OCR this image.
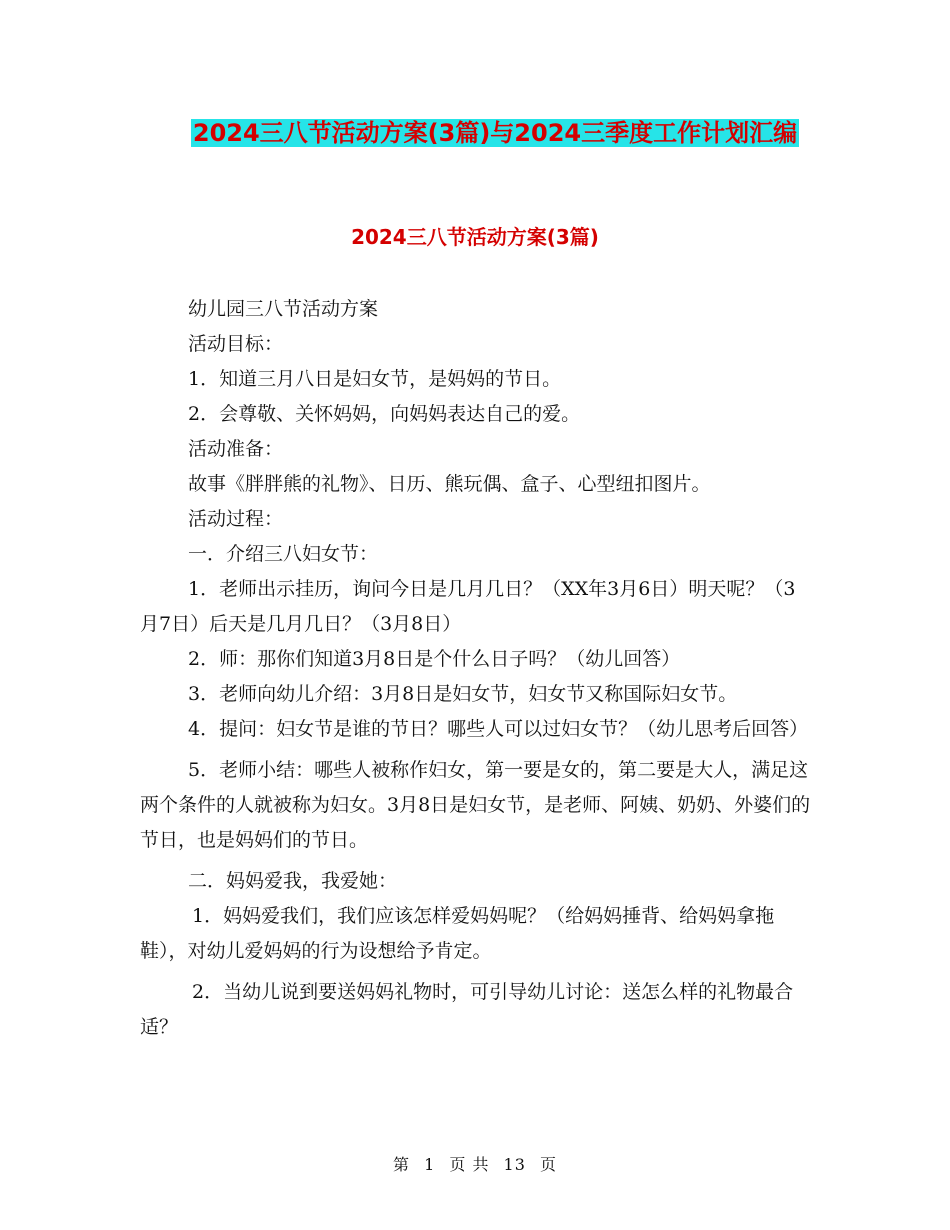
2024三八节活动方案(3篇)与2024三季度工作计划汇编
2024三八节活动方案(3篇)

幼儿园三八节活动方案

活动目标：

1．知道三月八日是妇女节，是妈妈的节日。

2．会尊敬、关怀妈妈，向妈妈表达自己的爱。

活动准备：

故事《胖胖熊的礼物》、日历、熊玩偶、盒子、心型纽扣图片。

活动过程：

一．介绍三八妇女节：

1．老师出示挂历，询问今日是几月几日？（XX年3月6日）明天呢？（3月7日）后天是几月几日？（3月8日）

2．师：那你们知道3月8日是个什么日子吗？（幼儿回答）

3．老师向幼儿介绍：3月8日是妇女节，妇女节又称国际妇女节。

4．提问：妇女节是谁的节日？哪些人可以过妇女节？（幼儿思考后回答）

5．老师小结：哪些人被称作妇女，第一要是女的，第二要是大人，满足这两个条件的人就被称为妇女。3月8日是妇女节，是老师、阿姨、奶奶、外婆们的节日，也是妈妈们的节日。

二．妈妈爱我，我爱她：

1．妈妈爱我们，我们应该怎样爱妈妈呢？（给妈妈捶背、给妈妈拿拖鞋），对幼儿爱妈妈的行为设想给予肯定。

2．当幼儿说到要送妈妈礼物时，可引导幼儿讨论：送怎么样的礼物最合适？

第 1 页 共 13 页
